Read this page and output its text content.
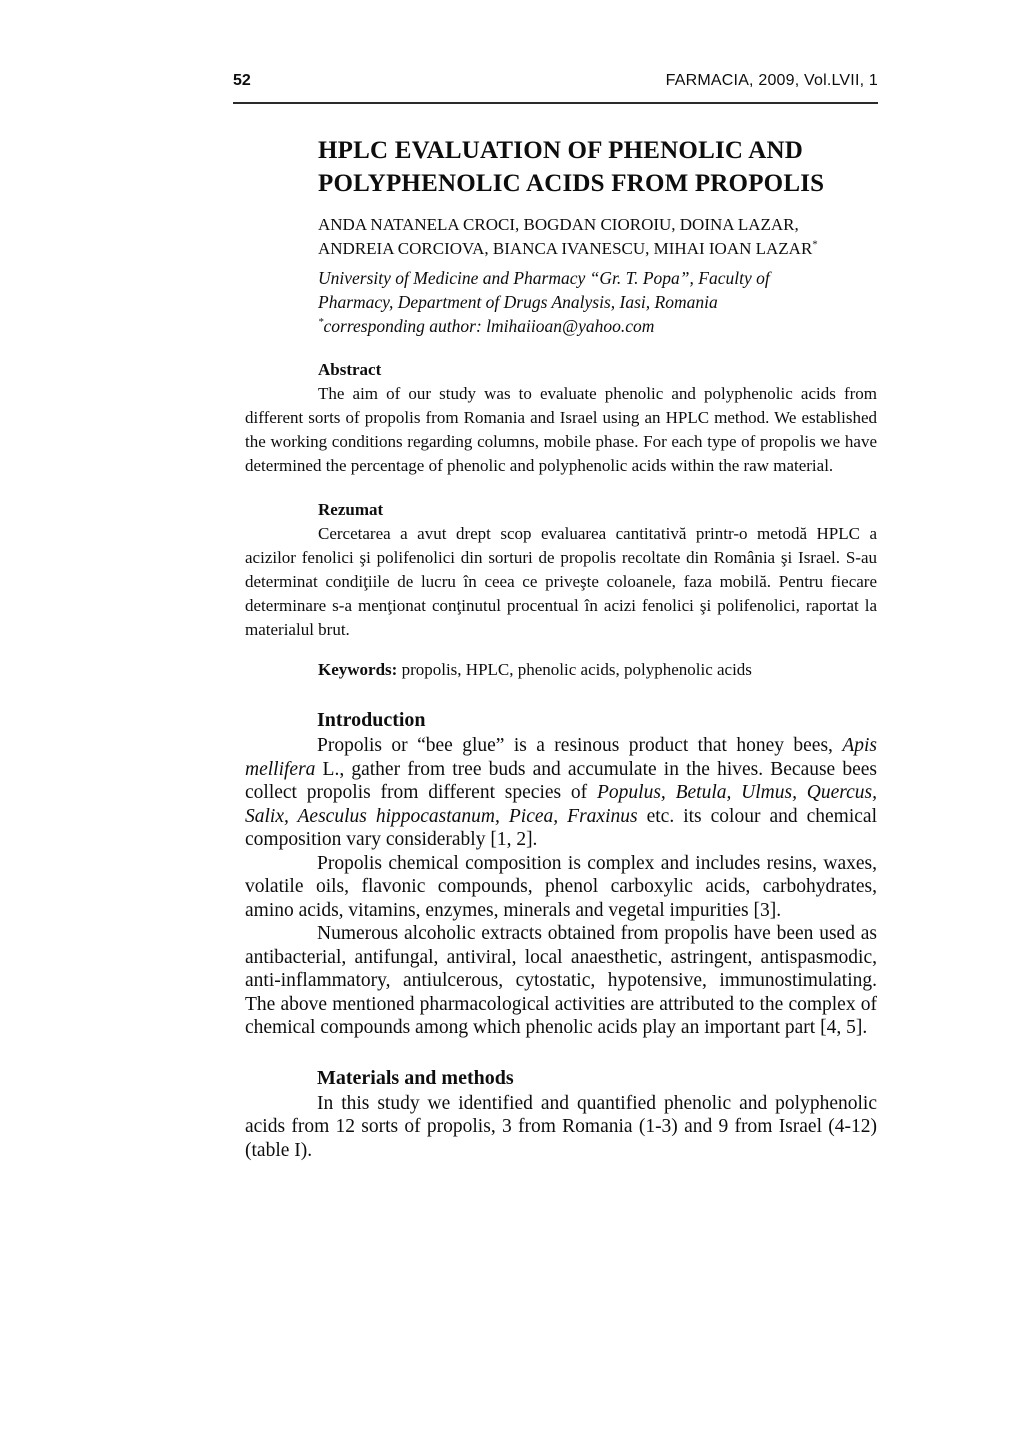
52	FARMACIA, 2009, Vol.LVII, 1
HPLC EVALUATION OF PHENOLIC AND
POLYPHENOLIC ACIDS FROM PROPOLIS
ANDA NATANELA CROCI, BOGDAN CIOROIU, DOINA LAZAR,
ANDREIA CORCIOVA, BIANCA IVANESCU, MIHAI IOAN LAZAR*
University of Medicine and Pharmacy “Gr. T. Popa”, Faculty of
Pharmacy, Department of Drugs Analysis, Iasi, Romania
*corresponding author: lmihaiioan@yahoo.com
Abstract

The aim of our study was to evaluate phenolic and polyphenolic acids from different sorts of propolis from Romania and Israel using an HPLC method. We established the working conditions regarding columns, mobile phase. For each type of propolis we have determined the percentage of phenolic and polyphenolic acids within the raw material.

Rezumat

Cercetarea a avut drept scop evaluarea cantitativă printr-o metodă HPLC a acizilor fenolici şi polifenolici din sorturi de propolis recoltate din România şi Israel. S-au determinat condiţiile de lucru în ceea ce priveşte coloanele, faza mobilă. Pentru fiecare determinare s-a menţionat conţinutul procentual în acizi fenolici şi polifenolici, raportat la materialul brut.

Keywords: propolis, HPLC, phenolic acids, polyphenolic acids
Introduction

Propolis or “bee glue” is a resinous product that honey bees, Apis mellifera L., gather from tree buds and accumulate in the hives. Because bees collect propolis from different species of Populus, Betula, Ulmus, Quercus, Salix, Aesculus hippocastanum, Picea, Fraxinus etc. its colour and chemical composition vary considerably [1, 2].

Propolis chemical composition is complex and includes resins, waxes, volatile oils, flavonic compounds, phenol carboxylic acids, carbohydrates, amino acids, vitamins, enzymes, minerals and vegetal impurities [3].

Numerous alcoholic extracts obtained from propolis have been used as antibacterial, antifungal, antiviral, local anaesthetic, astringent, antispasmodic, anti-inflammatory, antiulcerous, cytostatic, hypotensive, immunostimulating. The above mentioned pharmacological activities are attributed to the complex of chemical compounds among which phenolic acids play an important part [4, 5].

Materials and methods

In this study we identified and quantified phenolic and polyphenolic acids from 12 sorts of propolis, 3 from Romania (1-3) and 9 from Israel (4-12) (table I).
